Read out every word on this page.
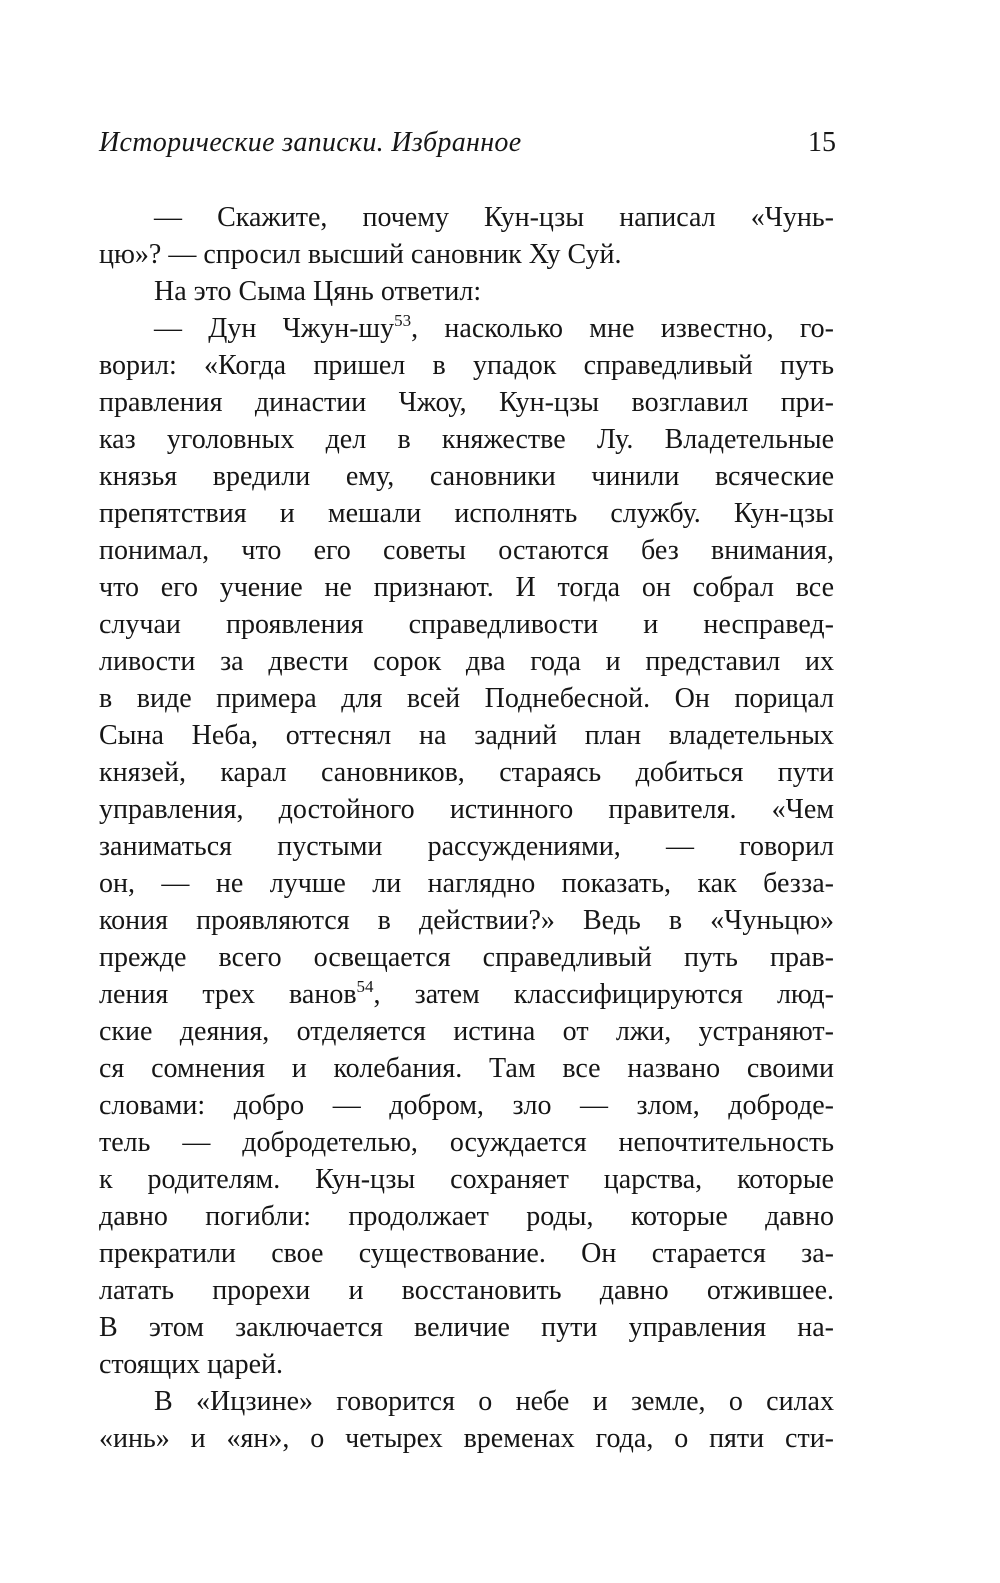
Исторические записки. Избранное	15
— Скажите, почему Кун-цзы написал «Чунь-
цю»? — спросил высший сановник Ху Суй.
На это Сыма Цянь ответил:
— Дун Чжун-шу$^{53}$, насколько мне известно, го-
ворил: «Когда пришел в упадок справедливый путь
правления династии Чжоу, Кун-цзы возглавил при-
каз уголовных дел в княжестве Лу. Владетельные
князья вредили ему, сановники чинили всяческие
препятствия и мешали исполнять службу. Кун-цзы
понимал, что его советы остаются без внимания,
что его учение не признают. И тогда он собрал все
случаи проявления справедливости и несправед-
ливости за двести сорок два года и представил их
в виде примера для всей Поднебесной. Он порицал
Сына Неба, оттеснял на задний план владетельных
князей, карал сановников, стараясь добиться пути
управления, достойного истинного правителя. «Чем
заниматься пустыми рассуждениями, — говорил
он, — не лучше ли наглядно показать, как безза-
кония проявляются в действии?» Ведь в «Чуньцю»
прежде всего освещается справедливый путь прав-
ления трех ванов$^{54}$, затем классифицируются люд-
ские деяния, отделяется истина от лжи, устраняют-
ся сомнения и колебания. Там все названо своими
словами: добро — добром, зло — злом, доброде-
тель — добродетелью, осуждается непочтительность
к родителям. Кун-цзы сохраняет царства, которые
давно погибли: продолжает роды, которые давно
прекратили свое существование. Он старается за-
латать прорехи и восстановить давно отжившее.
В этом заключается величие пути управления на-
стоящих царей.
В «Ицзине» говорится о небе и земле, о силах
«инь» и «ян», о четырех временах года, о пяти сти-
